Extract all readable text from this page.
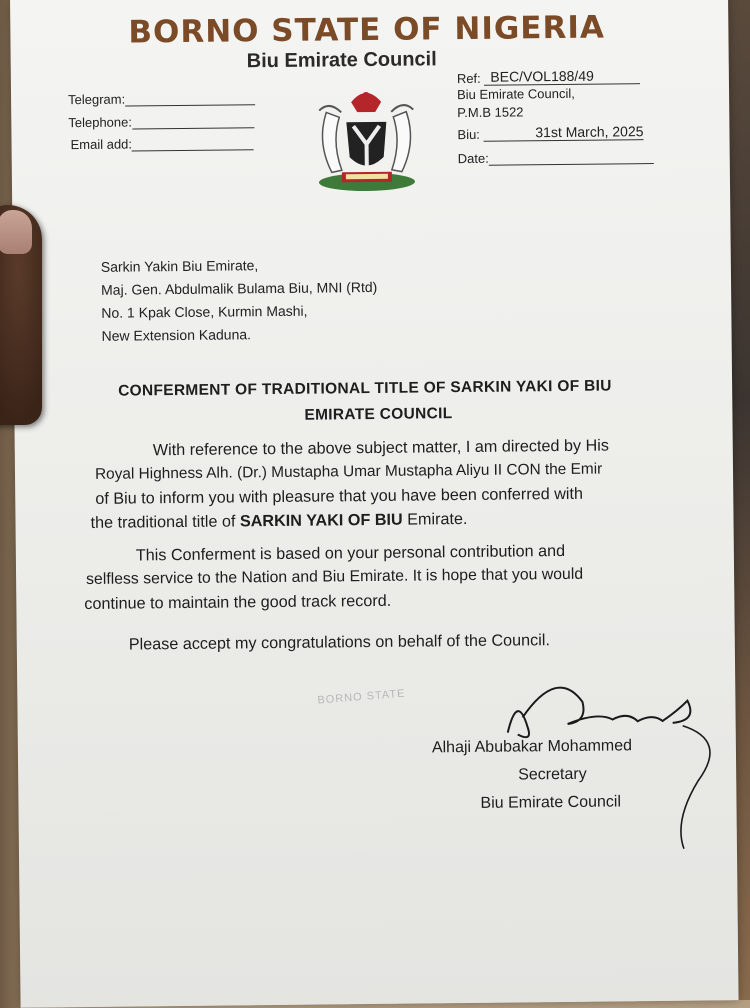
BORNO STATE OF NIGERIA
Biu Emirate Council
Telegram:
Telephone:
Email add:
Ref: BEC/VOL188/49
Biu Emirate Council,
P.M.B 1522
Biu:	31st March, 2025
Date:
Sarkin Yakin Biu Emirate,
Maj. Gen. Abdulmalik Bulama Biu, MNI (Rtd)
No. 1 Kpak Close, Kurmin Mashi,
New Extension Kaduna.
CONFERMENT OF TRADITIONAL TITLE OF SARKIN YAKI OF BIU
EMIRATE COUNCIL
With reference to the above subject matter, I am directed by His
Royal Highness Alh. (Dr.) Mustapha Umar Mustapha Aliyu II CON the Emir
of Biu to inform you with pleasure that you have been conferred with
the traditional title of SARKIN YAKI OF BIU Emirate.
This Conferment is based on your personal contribution and
selfless service to the Nation and Biu Emirate. It is hope that you would
continue to maintain the good track record.
Please accept my congratulations on behalf of the Council.
BORNO STATE
Alhaji Abubakar Mohammed
Secretary
Biu Emirate Council
